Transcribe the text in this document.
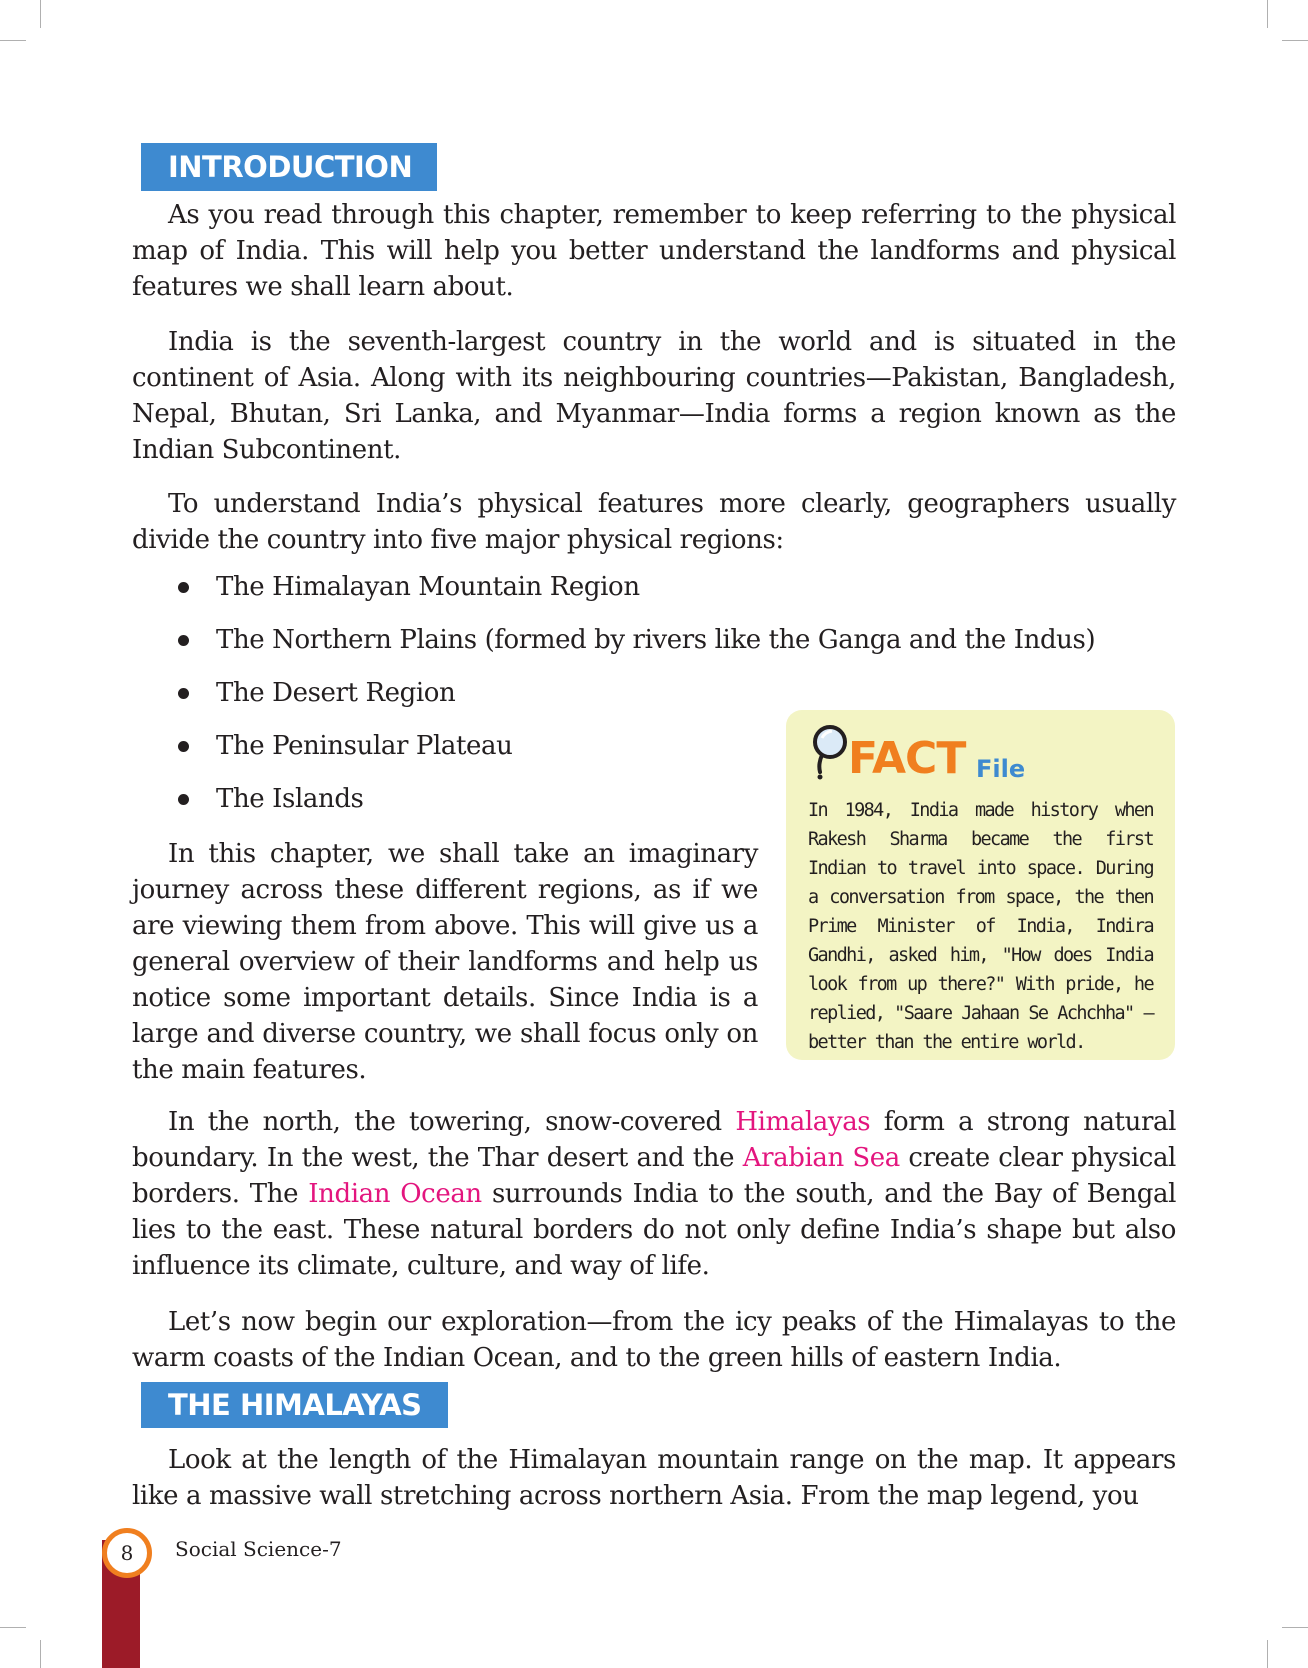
INTRODUCTION

As you read through this chapter, remember to keep referring to the physical map of India. This will help you better understand the landforms and physical features we shall learn about.

India is the seventh-largest country in the world and is situated in the continent of Asia. Along with its neighbouring countries—Pakistan, Bangladesh, Nepal, Bhutan, Sri Lanka, and Myanmar—India forms a region known as the Indian Subcontinent.

To understand India’s physical features more clearly, geographers usually divide the country into five major physical regions:

The Himalayan Mountain Region
The Northern Plains (formed by rivers like the Ganga and the Indus)
The Desert Region
The Peninsular Plateau
The Islands

In this chapter, we shall take an imaginary journey across these different regions, as if we are viewing them from above. This will give us a general overview of their landforms and help us notice some important details. Since India is a large and diverse country, we shall focus only on the main features.

FACT File

In 1984, India made history when Rakesh Sharma became the first Indian to travel into space. During a conversation from space, the then Prime Minister of India, Indira Gandhi, asked him, "How does India look from up there?" With pride, he replied, "Saare Jahaan Se Achchha" — better than the entire world.

In the north, the towering, snow-covered Himalayas form a strong natural boundary. In the west, the Thar desert and the Arabian Sea create clear physical borders. The Indian Ocean surrounds India to the south, and the Bay of Bengal lies to the east. These natural borders do not only define India’s shape but also influence its climate, culture, and way of life.

Let’s now begin our exploration—from the icy peaks of the Himalayas to the warm coasts of the Indian Ocean, and to the green hills of eastern India.

THE HIMALAYAS

Look at the length of the Himalayan mountain range on the map. It appears like a massive wall stretching across northern Asia. From the map legend, you

8	Social Science-7
